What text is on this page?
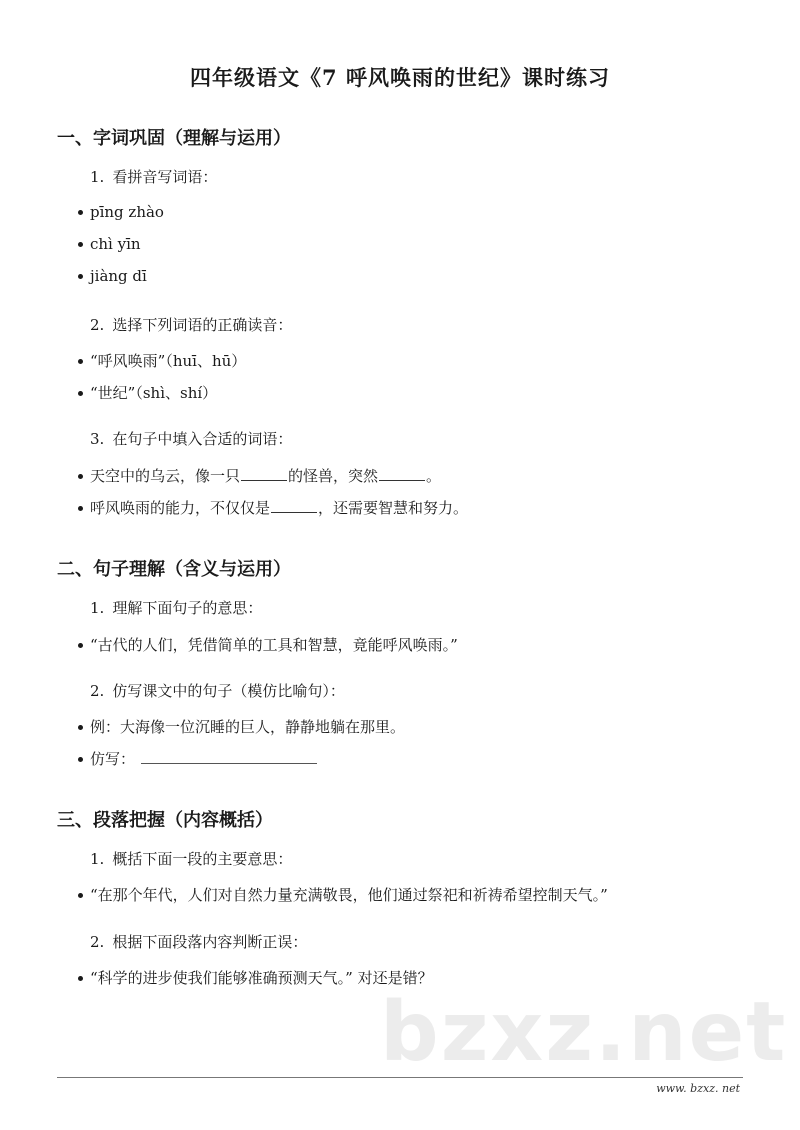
四年级语文《7 呼风唤雨的世纪》课时练习
一、字词巩固（理解与运用）
1. 看拼音写词语：
pīng zhào
chì yīn
jiàng dī
2. 选择下列词语的正确读音：
“呼风唤雨”（huī、hū）
“世纪”（shì、shí）
3. 在句子中填入合适的词语：
天空中的乌云，像一只	的怪兽，突然	。
呼风唤雨的能力，不仅仅是	，还需要智慧和努力。
二、句子理解（含义与运用）
1. 理解下面句子的意思：
“古代的人们，凭借简单的工具和智慧，竟能呼风唤雨。”
2. 仿写课文中的句子（模仿比喻句）：
例：大海像一位沉睡的巨人，静静地躺在那里。
仿写：
三、段落把握（内容概括）
1. 概括下面一段的主要意思：
“在那个年代，人们对自然力量充满敬畏，他们通过祭祀和祈祷希望控制天气。”
2. 根据下面段落内容判断正误：
“科学的进步使我们能够准确预测天气。” 对还是错？
bzxz.net
www. bzxz. net
